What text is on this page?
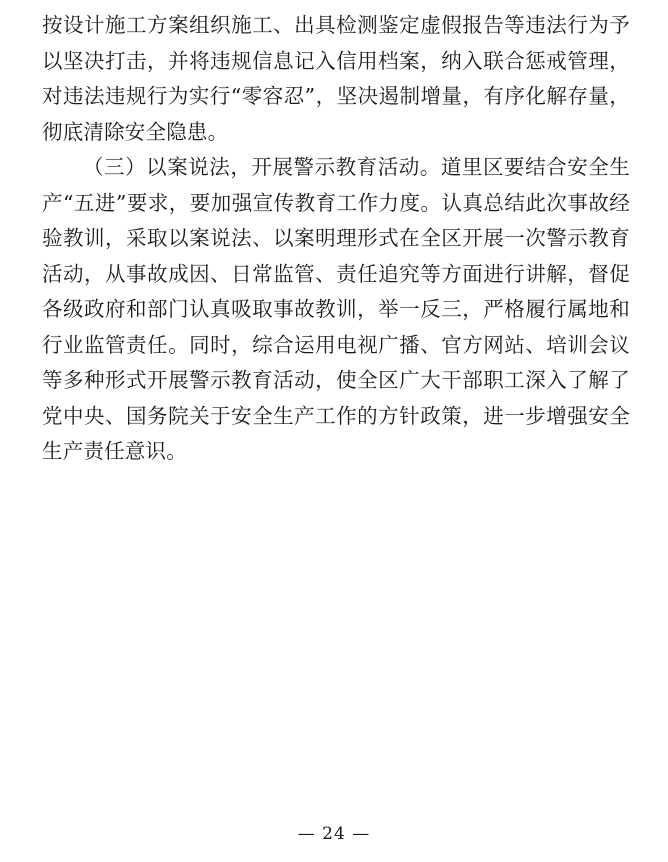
按设计施工方案组织施工、出具检测鉴定虚假报告等违法行为予以坚决打击，并将违规信息记入信用档案，纳入联合惩戒管理，对违法违规行为实行“零容忍”，坚决遏制增量，有序化解存量，彻底清除安全隐患。

（三）以案说法，开展警示教育活动。道里区要结合安全生产“五进”要求，要加强宣传教育工作力度。认真总结此次事故经验教训，采取以案说法、以案明理形式在全区开展一次警示教育活动，从事故成因、日常监管、责任追究等方面进行讲解，督促各级政府和部门认真吸取事故教训，举一反三，严格履行属地和行业监管责任。同时，综合运用电视广播、官方网站、培训会议等多种形式开展警示教育活动，使全区广大干部职工深入了解了党中央、国务院关于安全生产工作的方针政策，进一步增强安全生产责任意识。

— 24 —
